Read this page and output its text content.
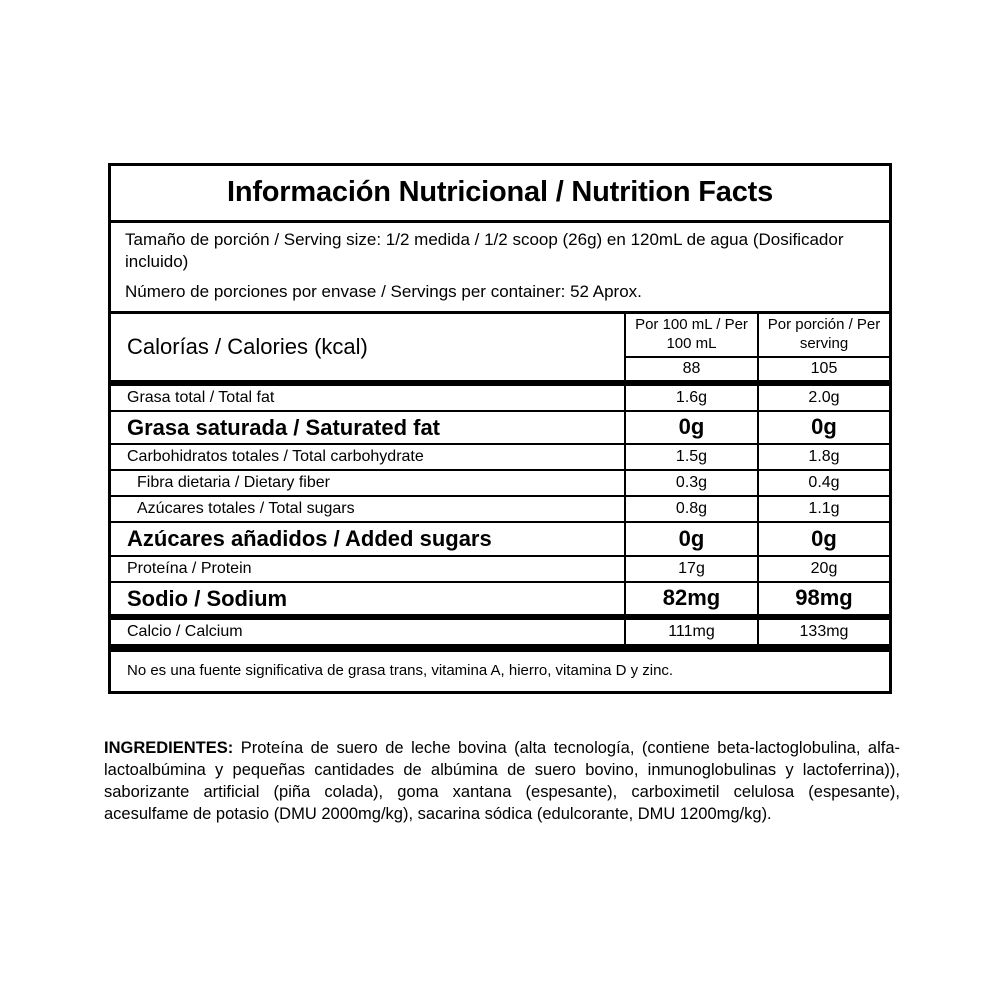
Información Nutricional / Nutrition Facts
Tamaño de porción / Serving size: 1/2 medida / 1/2 scoop (26g) en 120mL de agua (Dosificador incluido)
Número de porciones por envase / Servings per container: 52 Aprox.
Calorías / Calories (kcal)	Por 100 mL / Per 100 mL	Por porción / Per serving
	88	105
Grasa total / Total fat	1.6g	2.0g
Grasa saturada / Saturated fat	0g	0g
Carbohidratos totales / Total carbohydrate	1.5g	1.8g
Fibra dietaria / Dietary fiber	0.3g	0.4g
Azúcares totales / Total sugars	0.8g	1.1g
Azúcares añadidos / Added sugars	0g	0g
Proteína / Protein	17g	20g
Sodio / Sodium	82mg	98mg
Calcio / Calcium	111mg	133mg
No es una fuente significativa de grasa trans, vitamina A, hierro, vitamina D y zinc.
INGREDIENTES: Proteína de suero de leche bovina (alta tecnología, (contiene beta-lactoglobulina, alfa-lactoalbúmina y pequeñas cantidades de albúmina de suero bovino, inmunoglobulinas y lactoferrina)), saborizante artificial (piña colada), goma xantana (espesante), carboximetil celulosa (espesante), acesulfame de potasio (DMU 2000mg/kg), sacarina sódica (edulcorante, DMU 1200mg/kg).
